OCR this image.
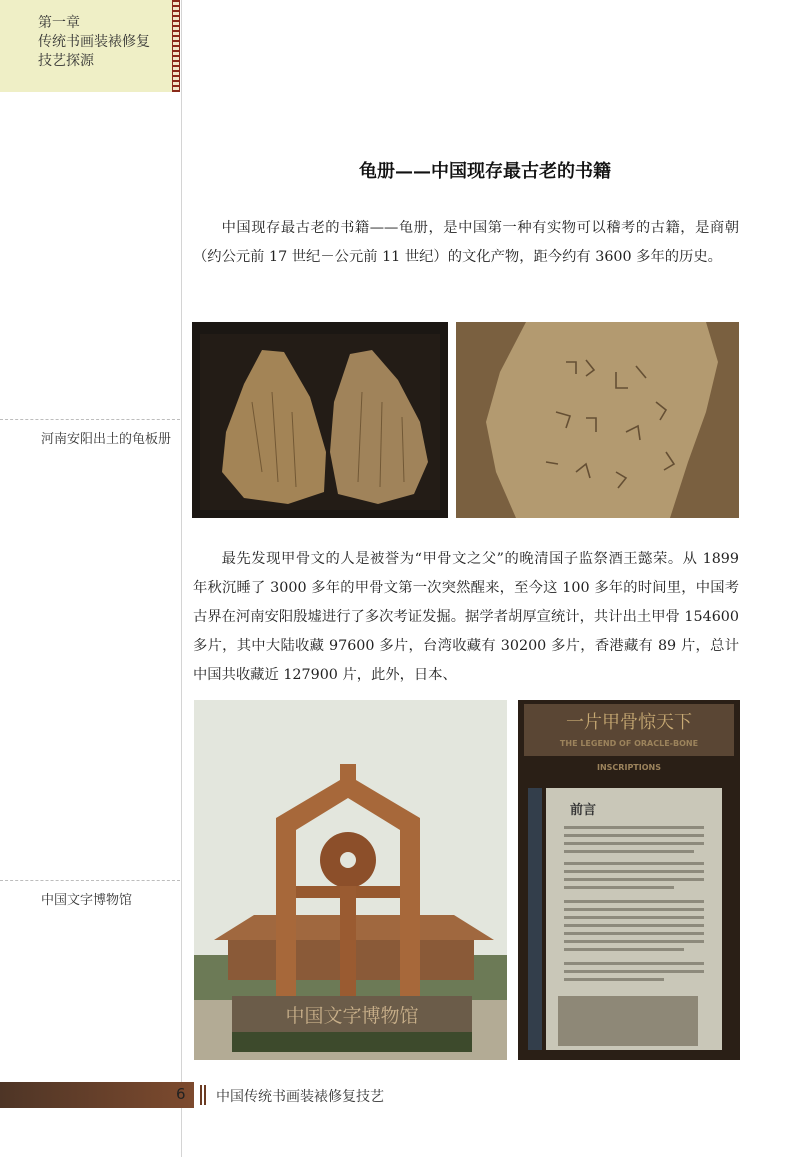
第一章
传统书画装裱修复
技艺探源
河南安阳出土的龟板册
中国文字博物馆
龟册——中国现存最古老的书籍
中国现存最古老的书籍——龟册，是中国第一种有实物可以稽考的古籍，是商朝（约公元前 17 世纪－公元前 11 世纪）的文化产物，距今约有 3600 多年的历史。
最先发现甲骨文的人是被誉为“甲骨文之父”的晚清国子监祭酒王懿荣。从 1899 年秋沉睡了 3000 多年的甲骨文第一次突然醒来，至今这 100 多年的时间里，中国考古界在河南安阳殷墟进行了多次考证发掘。据学者胡厚宣统计，共计出土甲骨 154600 多片，其中大陆收藏 97600 多片，台湾收藏有 30200 多片，香港藏有 89 片，总计中国共收藏近 127900 片，此外，日本、
中国文字博物馆
一片甲骨惊天下
THE LEGEND OF ORACLE-BONE
INSCRIPTIONS
前言
6 中国传统书画装裱修复技艺
